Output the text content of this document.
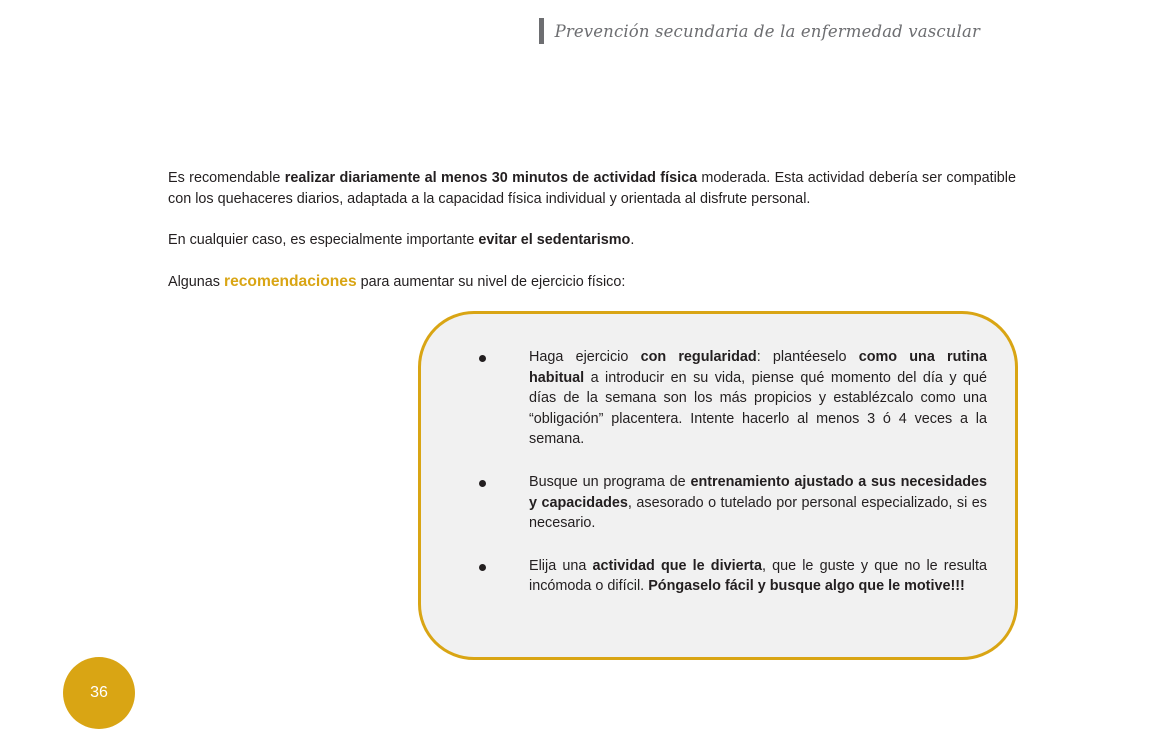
Prevención secundaria de la enfermedad vascular

Es recomendable realizar diariamente al menos 30 minutos de actividad física moderada. Esta actividad debería ser compatible con los quehaceres diarios, adaptada a la capacidad física individual y orientada al disfrute personal.

En cualquier caso, es especialmente importante evitar el sedentarismo.

Algunas recomendaciones para aumentar su nivel de ejercicio físico:

Haga ejercicio con regularidad: plantéeselo como una rutina habitual a introducir en su vida, piense qué momento del día y qué días de la semana son los más propicios y establézcalo como una “obligación” placentera. Intente hacerlo al menos 3 ó 4 veces a la semana.
Busque un programa de entrenamiento ajustado a sus necesidades y capacidades, asesorado o tutelado por personal especializado, si es necesario.
Elija una actividad que le divierta, que le guste y que no le resulta incómoda o difícil. Póngaselo fácil y busque algo que le motive!!!
36
